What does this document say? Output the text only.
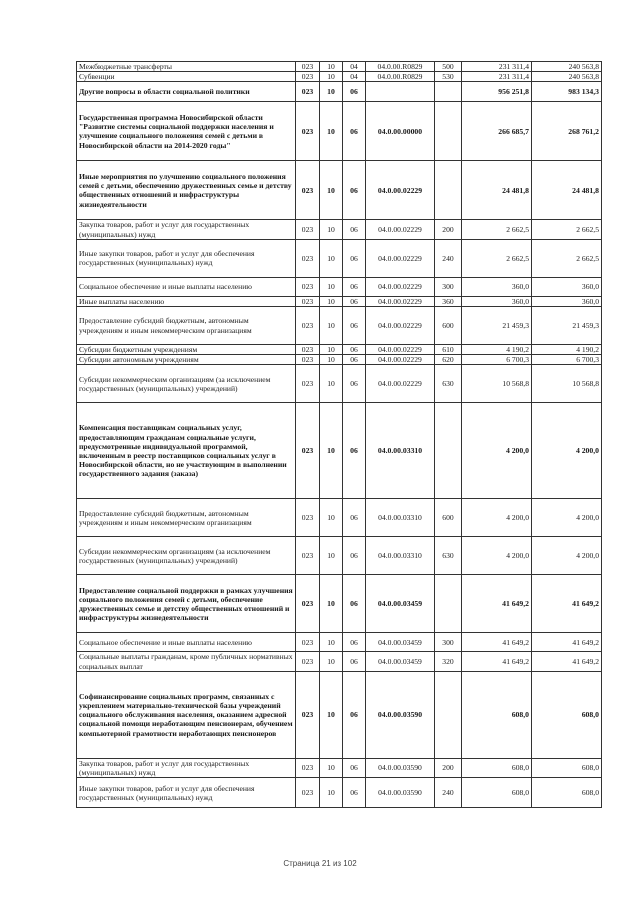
Межбюджетные трансферты	023	10	04	04.0.00.R0829	500	231 311,4	240 563,8
Субвенции	023	10	04	04.0.00.R0829	530	231 311,4	240 563,8
Другие вопросы в области социальной политики	023	10	06			956 251,8	983 134,3
Государственная программа Новосибирской области "Развитие системы социальной поддержки населения и улучшение социального положения семей с детьми в Новосибирской области на 2014-2020 годы"	023	10	06	04.0.00.00000		266 685,7	268 761,2
Иные мероприятия по улучшению социального положения семей с детьми, обеспечению дружественных семье и детству общественных отношений и инфраструктуры жизнедеятельности	023	10	06	04.0.00.02229		24 481,8	24 481,8
Закупка товаров, работ и услуг для государственных (муниципальных) нужд	023	10	06	04.0.00.02229	200	2 662,5	2 662,5
Иные закупки товаров, работ и услуг для обеспечения государственных (муниципальных) нужд	023	10	06	04.0.00.02229	240	2 662,5	2 662,5
Социальное обеспечение и иные выплаты населению	023	10	06	04.0.00.02229	300	360,0	360,0
Иные выплаты населению	023	10	06	04.0.00.02229	360	360,0	360,0
Предоставление субсидий бюджетным, автономным учреждениям и иным некоммерческим организациям	023	10	06	04.0.00.02229	600	21 459,3	21 459,3
Субсидии бюджетным учреждениям	023	10	06	04.0.00.02229	610	4 190,2	4 190,2
Субсидии автономным учреждениям	023	10	06	04.0.00.02229	620	6 700,3	6 700,3
Субсидии некоммерческим организациям (за исключением государственных (муниципальных) учреждений)	023	10	06	04.0.00.02229	630	10 568,8	10 568,8
Компенсация поставщикам социальных услуг, предоставляющим гражданам социальные услуги, предусмотренные индивидуальной программой, включенным в реестр поставщиков социальных услуг в Новосибирской области, но не участвующим в выполнении государственного задания (заказа)	023	10	06	04.0.00.03310		4 200,0	4 200,0
Предоставление субсидий бюджетным, автономным учреждениям и иным некоммерческим организациям	023	10	06	04.0.00.03310	600	4 200,0	4 200,0
Субсидии некоммерческим организациям (за исключением государственных (муниципальных) учреждений)	023	10	06	04.0.00.03310	630	4 200,0	4 200,0
Предоставление социальной поддержки в рамках улучшения социального положения семей с детьми, обеспечение дружественных семье и детству общественных отношений и инфраструктуры жизнедеятельности	023	10	06	04.0.00.03459		41 649,2	41 649,2
Социальное обеспечение и иные выплаты населению	023	10	06	04.0.00.03459	300	41 649,2	41 649,2
Социальные выплаты гражданам, кроме публичных нормативных социальных выплат	023	10	06	04.0.00.03459	320	41 649,2	41 649,2
Софинансирование социальных программ, связанных с укреплением материально-технической базы учреждений социального обслуживания населения, оказанием адресной социальной помощи неработающим пенсионерам, обучением компьютерной грамотности неработающих пенсионеров	023	10	06	04.0.00.03590		608,0	608,0
Закупка товаров, работ и услуг для государственных (муниципальных) нужд	023	10	06	04.0.00.03590	200	608,0	608,0
Иные закупки товаров, работ и услуг для обеспечения государственных (муниципальных) нужд	023	10	06	04.0.00.03590	240	608,0	608,0
Страница 21 из 102
